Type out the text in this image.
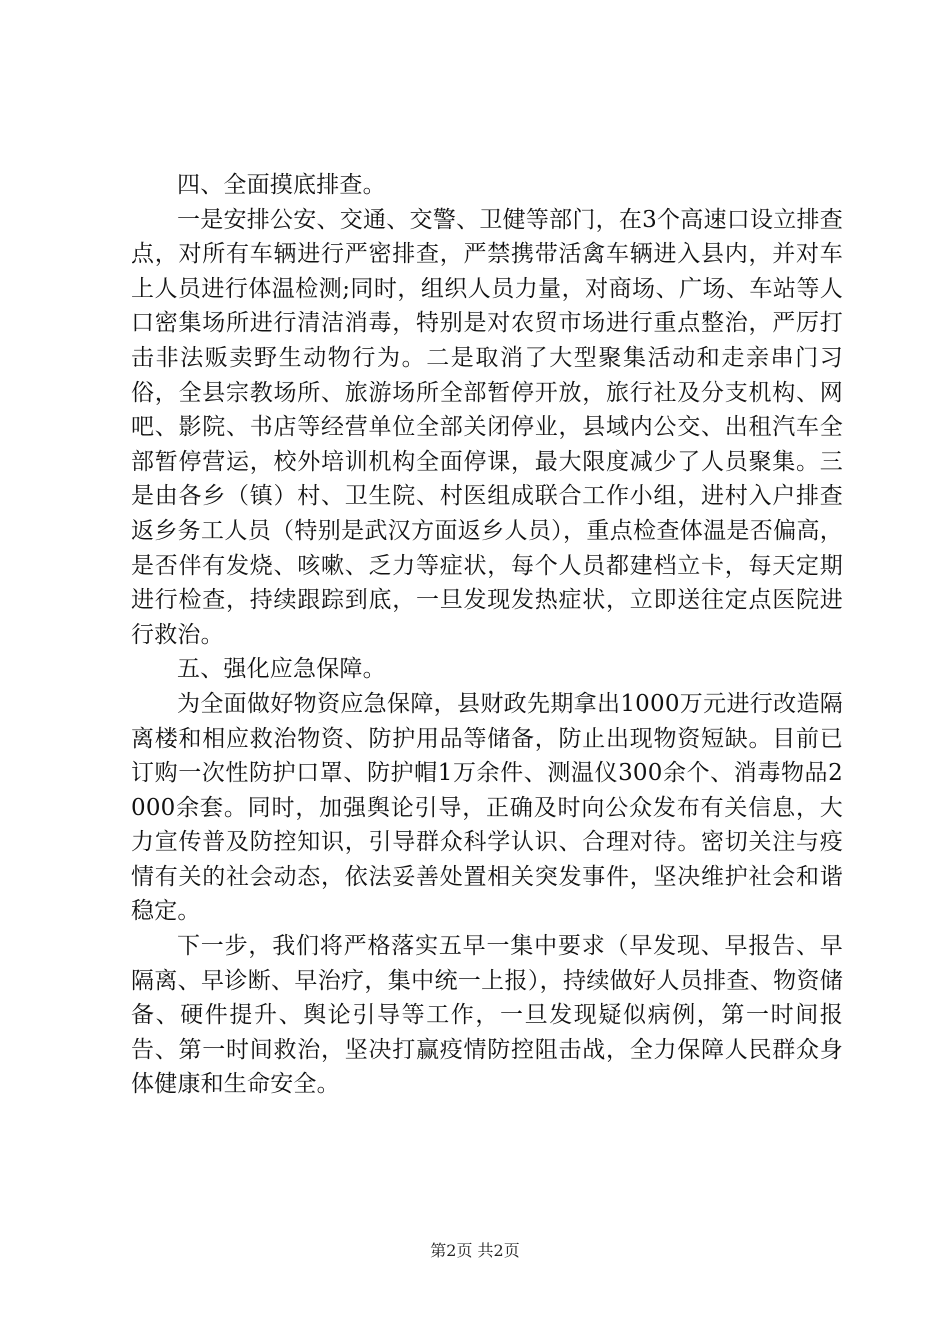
四、全面摸底排查。

一是安排公安、交通、交警、卫健等部门，在3个高速口设立排查点，对所有车辆进行严密排查，严禁携带活禽车辆进入县内，并对车上人员进行体温检测;同时，组织人员力量，对商场、广场、车站等人口密集场所进行清洁消毒，特别是对农贸市场进行重点整治，严厉打击非法贩卖野生动物行为。二是取消了大型聚集活动和走亲串门习俗，全县宗教场所、旅游场所全部暂停开放，旅行社及分支机构、网吧、影院、书店等经营单位全部关闭停业，县域内公交、出租汽车全部暂停营运，校外培训机构全面停课，最大限度减少了人员聚集。三是由各乡（镇）村、卫生院、村医组成联合工作小组，进村入户排查返乡务工人员（特别是武汉方面返乡人员），重点检查体温是否偏高，是否伴有发烧、咳嗽、乏力等症状，每个人员都建档立卡，每天定期进行检查，持续跟踪到底，一旦发现发热症状，立即送往定点医院进行救治。

五、强化应急保障。

为全面做好物资应急保障，县财政先期拿出1000万元进行改造隔离楼和相应救治物资、防护用品等储备，防止出现物资短缺。目前已订购一次性防护口罩、防护帽1万余件、测温仪300余个、消毒物品2000余套。同时，加强舆论引导，正确及时向公众发布有关信息，大力宣传普及防控知识，引导群众科学认识、合理对待。密切关注与疫情有关的社会动态，依法妥善处置相关突发事件，坚决维护社会和谐稳定。

下一步，我们将严格落实五早一集中要求（早发现、早报告、早隔离、早诊断、早治疗，集中统一上报），持续做好人员排查、物资储备、硬件提升、舆论引导等工作，一旦发现疑似病例，第一时间报告、第一时间救治，坚决打赢疫情防控阻击战，全力保障人民群众身体健康和生命安全。

第2页 共2页
